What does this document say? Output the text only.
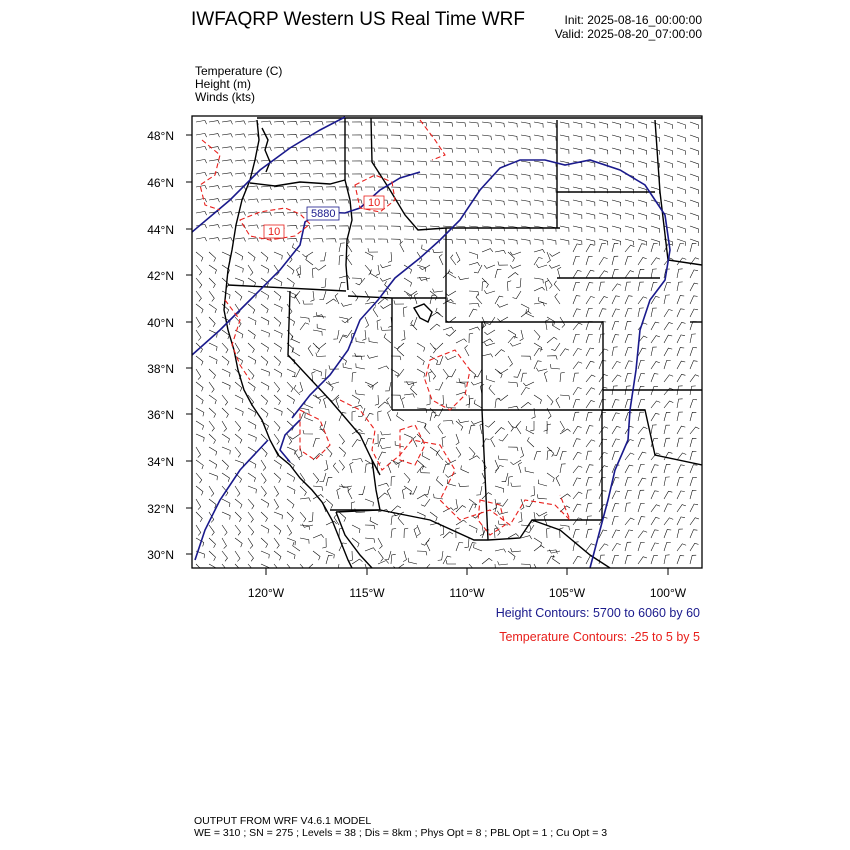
IWFAQRP Western US Real Time WRF	Init: 2025-08-16_00:00:00
Valid: 2025-08-20_07:00:00
Temperature (C)
Height (m)
Winds (kts)
5880
10
10
48°N
46°N
44°N
42°N
40°N
38°N
36°N
34°N
32°N
30°N
120°W	115°W	110°W	105°W	100°W
Height Contours: 5700 to 6060 by 60
Temperature Contours: -25 to 5 by 5
OUTPUT FROM WRF V4.6.1 MODEL
WE = 310 ; SN = 275 ; Levels = 38 ; Dis = 8km ; Phys Opt = 8 ; PBL Opt = 1 ; Cu Opt = 3
